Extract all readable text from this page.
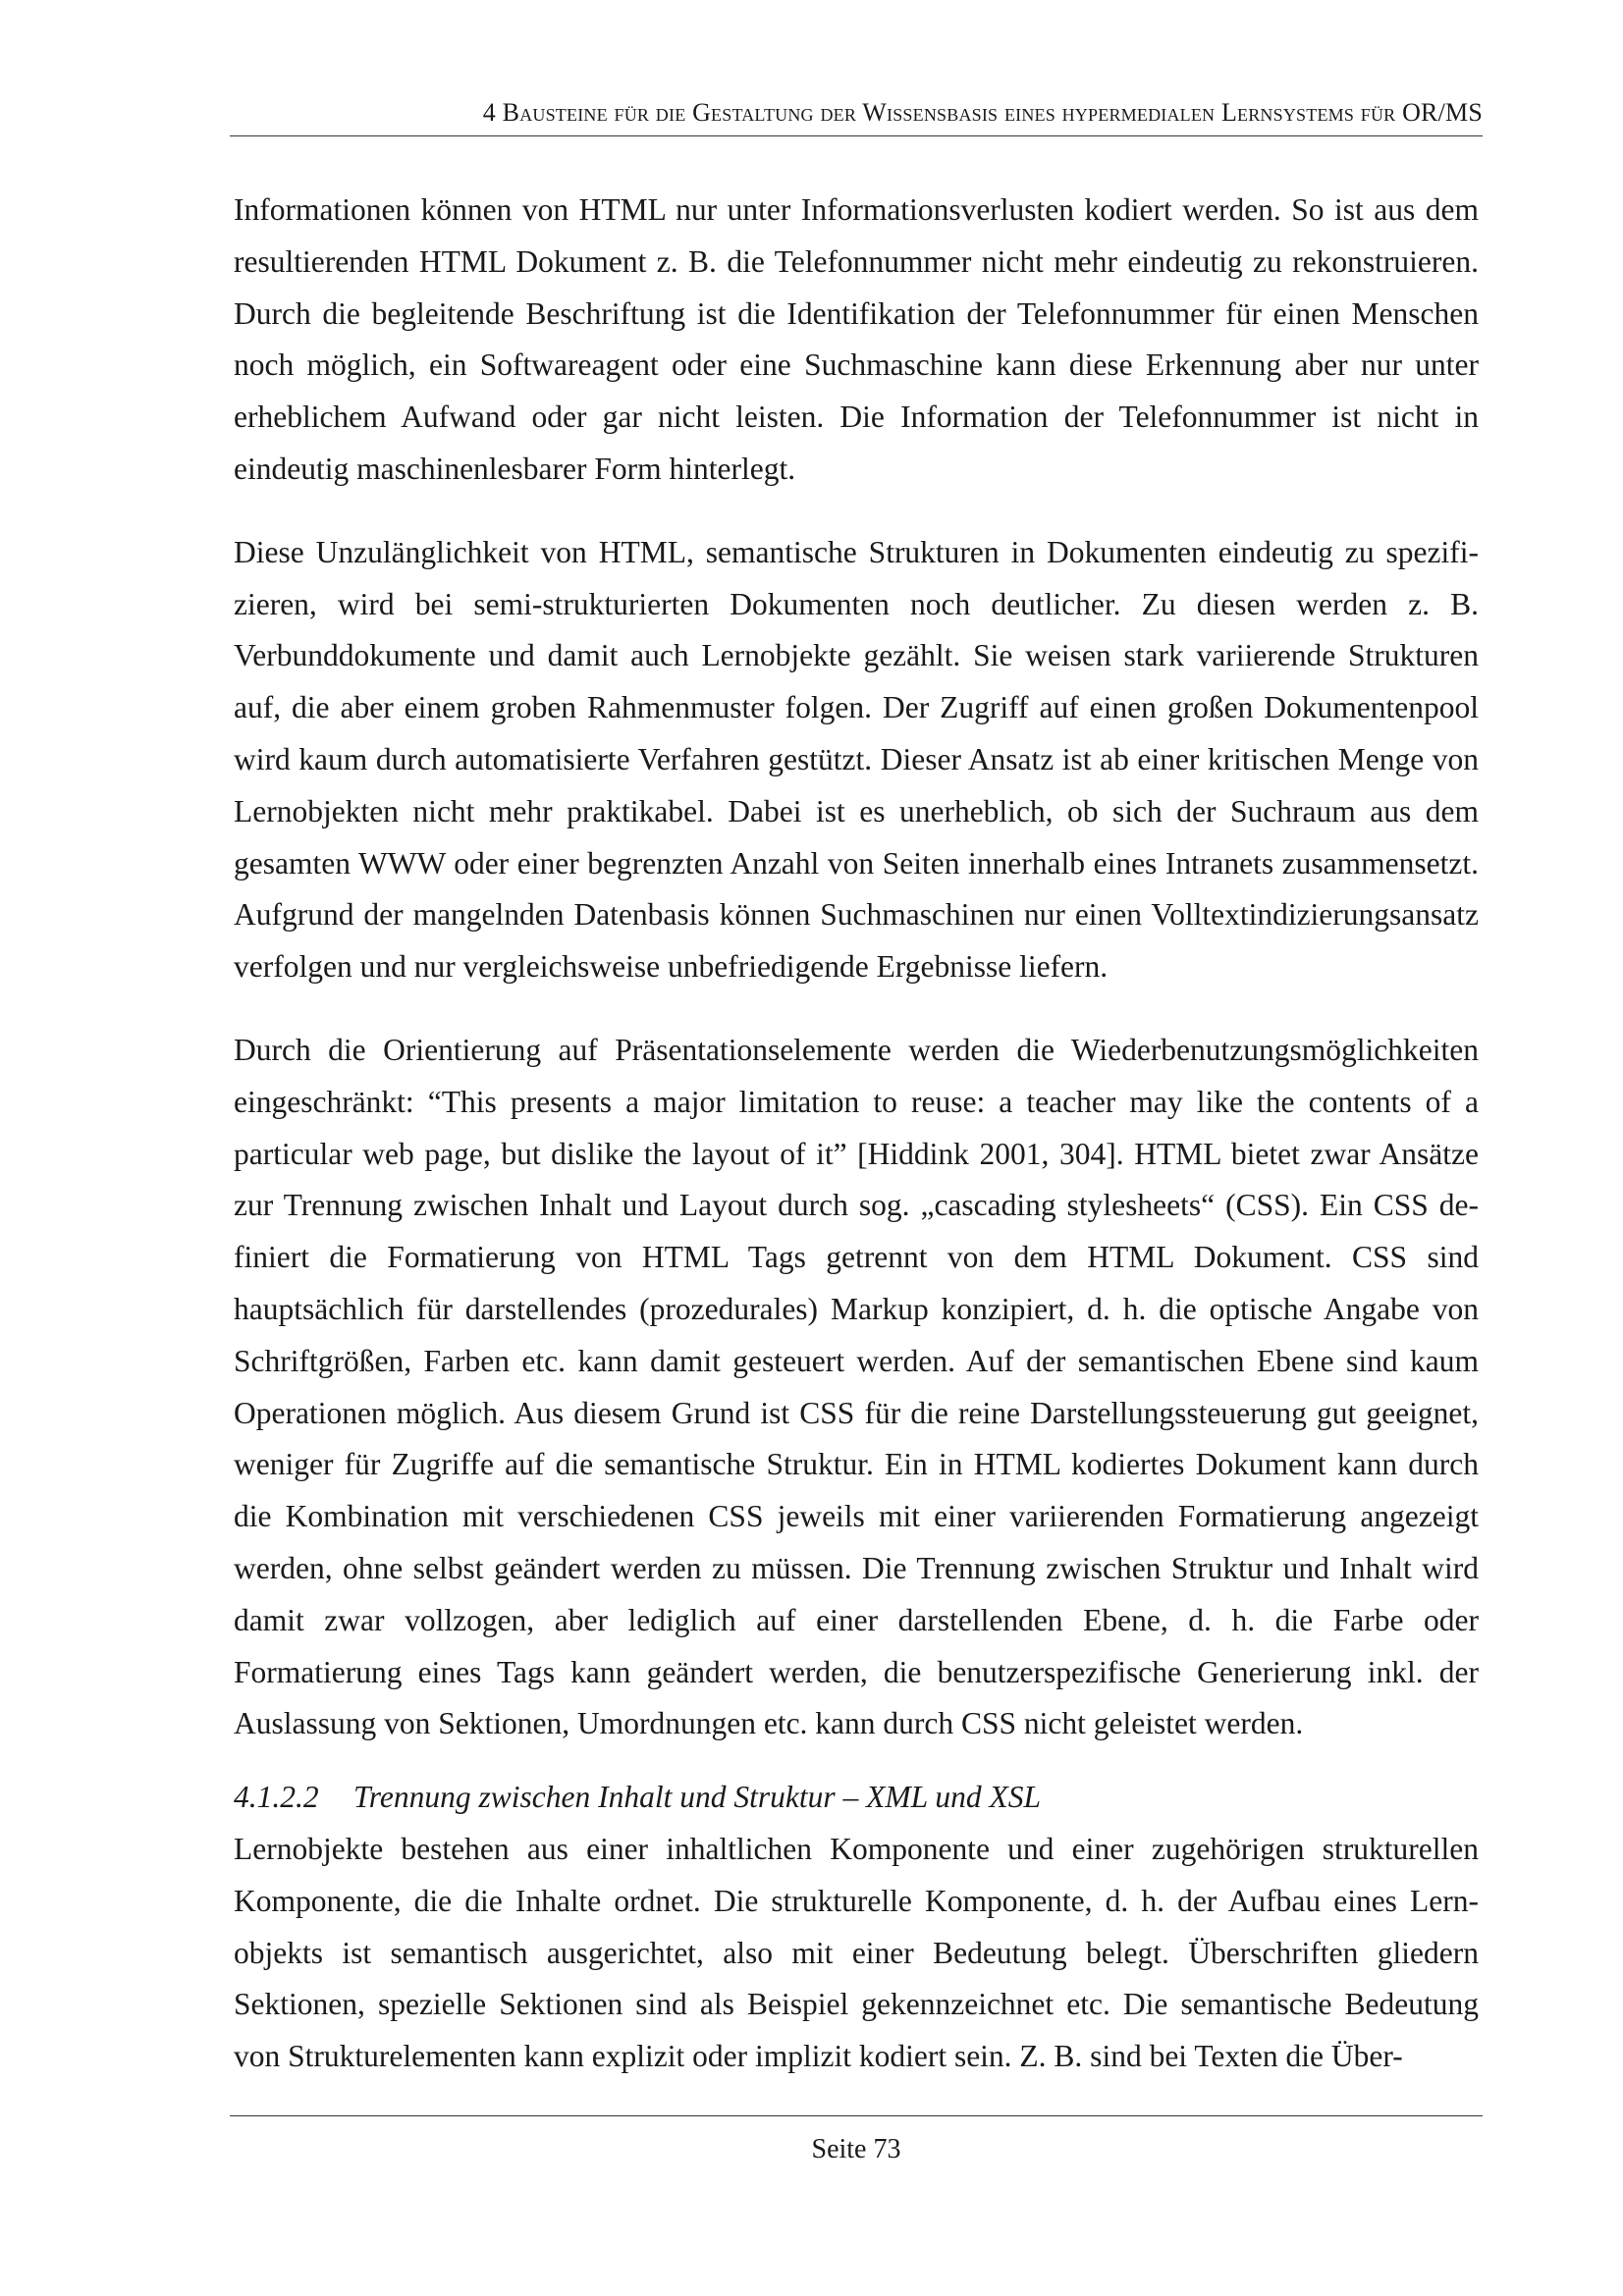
4 Bausteine für die Gestaltung der Wissensbasis eines hypermedialen Lernsystems für OR/MS

Informationen können von HTML nur unter Informationsverlusten kodiert werden. So ist aus dem resultierenden HTML Dokument z. B. die Telefonnummer nicht mehr eindeutig zu rekonstruieren. Durch die begleitende Beschriftung ist die Identifikation der Telefonnummer für einen Menschen noch möglich, ein Softwareagent oder eine Suchmaschine kann diese Erkennung aber nur unter erheblichem Aufwand oder gar nicht leisten. Die Information der Telefonnummer ist nicht in eindeutig maschinenlesbarer Form hinterlegt.

Diese Unzulänglichkeit von HTML, semantische Strukturen in Dokumenten eindeutig zu spezifizieren, wird bei semi-strukturierten Dokumenten noch deutlicher. Zu diesen werden z. B. Verbunddokumente und damit auch Lernobjekte gezählt. Sie weisen stark variierende Strukturen auf, die aber einem groben Rahmenmuster folgen. Der Zugriff auf einen großen Dokumentenpool wird kaum durch automatisierte Verfahren gestützt. Dieser Ansatz ist ab einer kritischen Menge von Lernobjekten nicht mehr praktikabel. Dabei ist es unerheblich, ob sich der Suchraum aus dem gesamten WWW oder einer begrenzten Anzahl von Seiten innerhalb eines Intranets zusammensetzt. Aufgrund der mangelnden Datenbasis können Suchmaschinen nur einen Volltextindizierungsansatz verfolgen und nur vergleichsweise unbefriedigende Ergebnisse liefern.

Durch die Orientierung auf Präsentationselemente werden die Wiederbenutzungsmöglichkeiten eingeschränkt: “This presents a major limitation to reuse: a teacher may like the contents of a particular web page, but dislike the layout of it” [Hiddink 2001, 304]. HTML bietet zwar Ansätze zur Trennung zwischen Inhalt und Layout durch sog. „cascading stylesheets“ (CSS). Ein CSS definiert die Formatierung von HTML Tags getrennt von dem HTML Dokument. CSS sind hauptsächlich für darstellendes (prozedurales) Markup konzipiert, d. h. die optische Angabe von Schriftgrößen, Farben etc. kann damit gesteuert werden. Auf der semantischen Ebene sind kaum Operationen möglich. Aus diesem Grund ist CSS für die reine Darstellungssteuerung gut geeignet, weniger für Zugriffe auf die semantische Struktur. Ein in HTML kodiertes Dokument kann durch die Kombination mit verschiedenen CSS jeweils mit einer variierenden Formatierung angezeigt werden, ohne selbst geändert werden zu müssen. Die Trennung zwischen Struktur und Inhalt wird damit zwar vollzogen, aber lediglich auf einer darstellenden Ebene, d. h. die Farbe oder Formatierung eines Tags kann geändert werden, die benutzerspezifische Generierung inkl. der Auslassung von Sektionen, Umordnungen etc. kann durch CSS nicht geleistet werden.

4.1.2.2 Trennung zwischen Inhalt und Struktur – XML und XSL

Lernobjekte bestehen aus einer inhaltlichen Komponente und einer zugehörigen strukturellen Komponente, die die Inhalte ordnet. Die strukturelle Komponente, d. h. der Aufbau eines Lernobjekts ist semantisch ausgerichtet, also mit einer Bedeutung belegt. Überschriften gliedern Sektionen, spezielle Sektionen sind als Beispiel gekennzeichnet etc. Die semantische Bedeutung von Strukturelementen kann explizit oder implizit kodiert sein. Z. B. sind bei Texten die Über-

Seite 73
